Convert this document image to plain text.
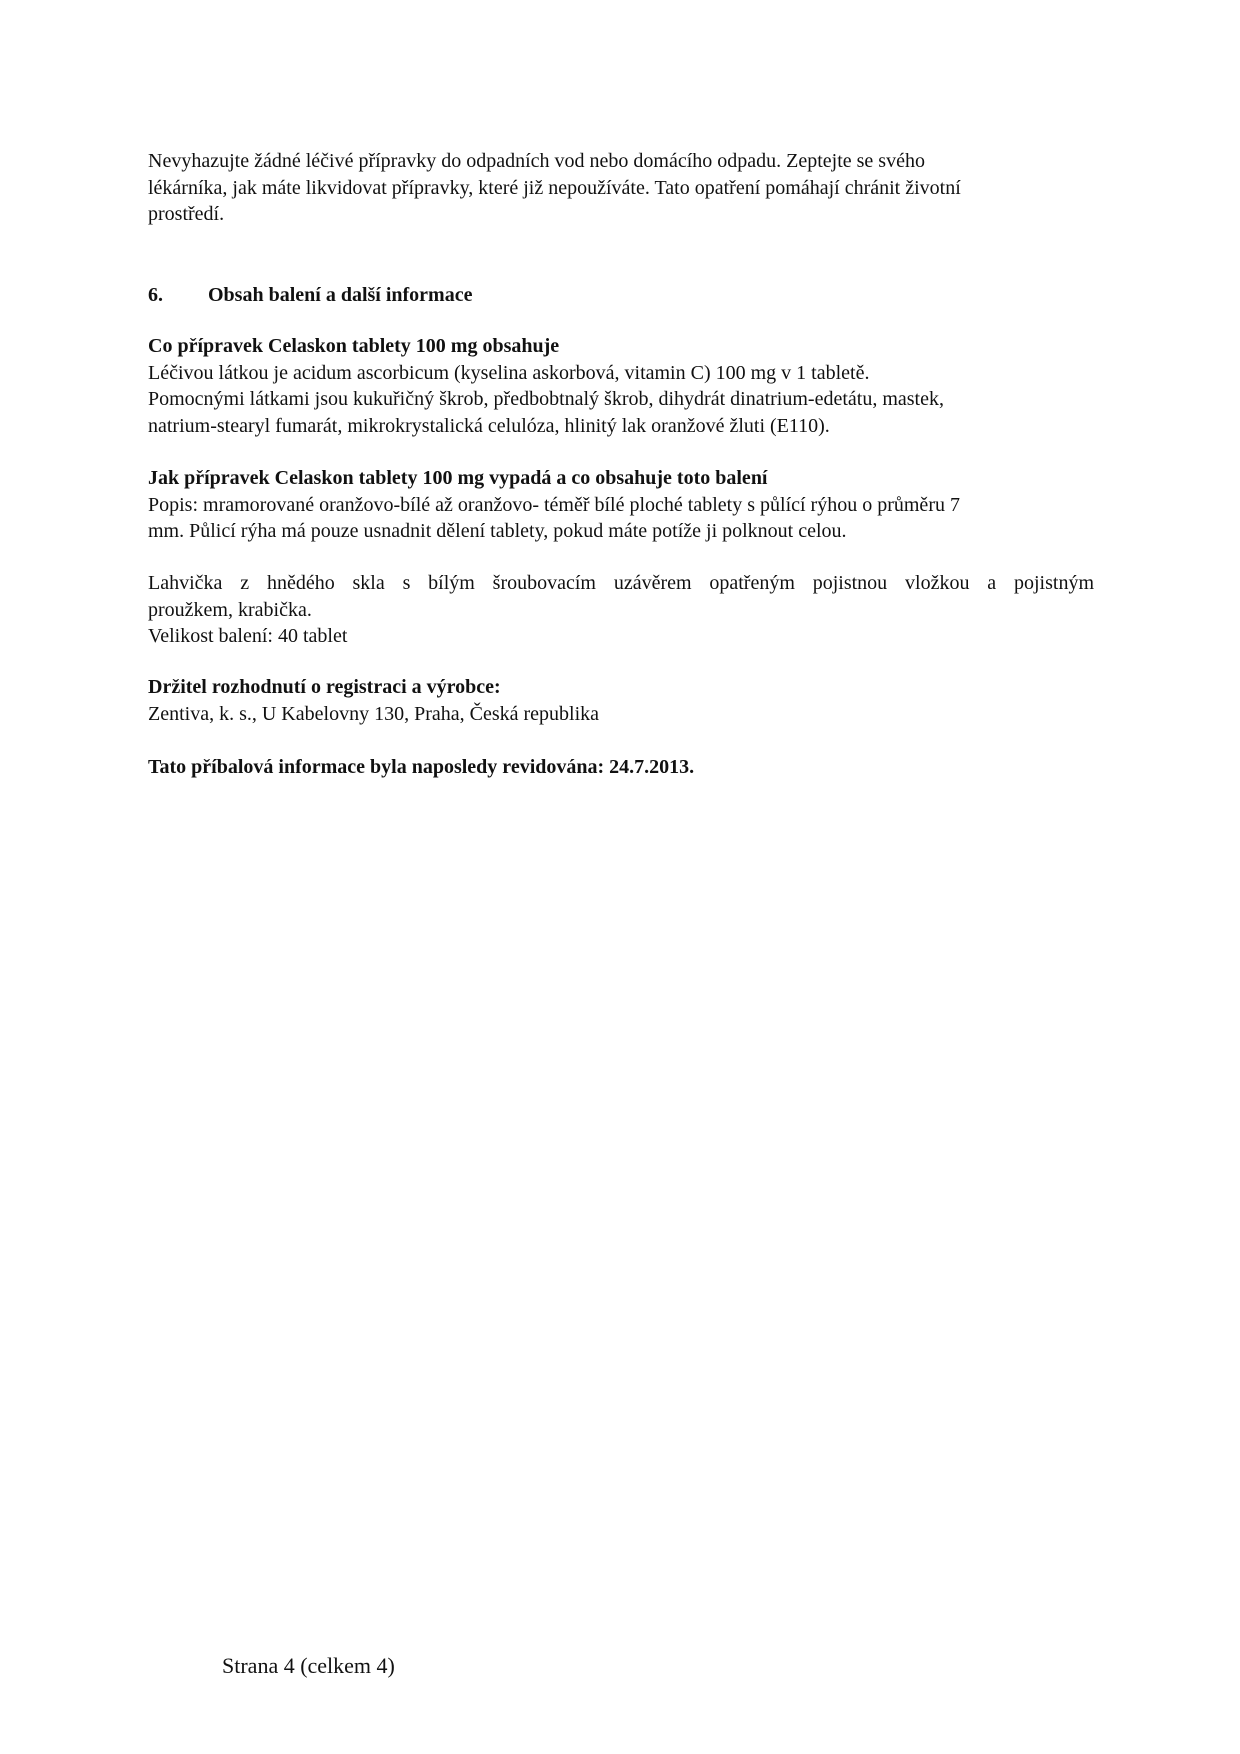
Nevyhazujte žádné léčivé přípravky do odpadních vod nebo domácího odpadu. Zeptejte se svého
lékárníka, jak máte likvidovat přípravky, které již nepoužíváte. Tato opatření pomáhají chránit životní
prostředí.

6. Obsah balení a další informace
Co přípravek Celaskon tablety 100 mg obsahuje
Léčivou látkou je acidum ascorbicum (kyselina askorbová, vitamin C) 100 mg v 1 tabletě.
Pomocnými látkami jsou kukuřičný škrob, předbobtnalý škrob, dihydrát dinatrium-edetátu, mastek,
natrium-stearyl fumarát, mikrokrystalická celulóza, hlinitý lak oranžové žluti (E110).
Jak přípravek Celaskon tablety 100 mg vypadá a co obsahuje toto balení
Popis: mramorované oranžovo-bílé až oranžovo- téměř bílé ploché tablety s půlící rýhou o průměru 7
mm. Půlicí rýha má pouze usnadnit dělení tablety, pokud máte potíže ji polknout celou.
Lahvička z hnědého skla s bílým šroubovacím uzávěrem opatřeným pojistnou vložkou a pojistným
proužkem, krabička.
Velikost balení: 40 tablet
Držitel rozhodnutí o registraci a výrobce:
Zentiva, k. s., U Kabelovny 130, Praha, Česká republika
Tato příbalová informace byla naposledy revidována: 24.7.2013.
Strana 4 (celkem 4)
